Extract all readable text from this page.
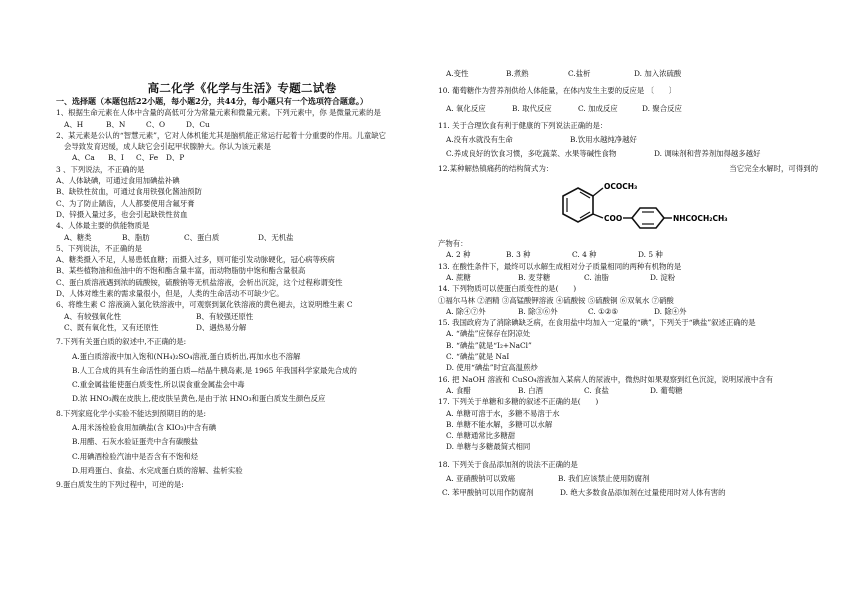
高二化学《化学与生活》专题二试卷
一、选择题（本题包括22小题，每小题2分，共44分，每小题只有一个选项符合题意。）
1、根据生命元素在人体中含量的高低可分为常量元素和微量元素。下列元素中，你 是微量元素的是
A、H	B、N	C、O	D、Cu
2、某元素是公认的“智慧元素”，它对人体机能尤其是脑机能正常运行起着十分重要的作用。儿童缺它
会导致发育迟缓，成人缺它会引起甲状腺肿大。你认为该元素是
A、Ca	B、I	C、Fe	D、P
3 、下列说法，不正确的是
A、人体缺碘，可通过食用加碘盐补碘
B、缺铁性贫血，可通过食用铁强化酱油预防
C、为了防止龋齿，人人都要使用含氟牙膏
D、锌摄入量过多，也会引起缺铁性贫血
4、人体最主要的供能物质是
A、糖类	B、脂肪	C、蛋白质	D、无机盐
5、下列说法，不正确的是
A、糖类摄入不足，人易患低血糖；而摄入过多，则可能引发动脉硬化，冠心病等疾病
B、某些植物油和鱼油中的不饱和酯含量丰富，而动物脂肪中饱和酯含量很高
C、蛋白质溶液遇到浓的硫酸铵，硫酸钠等无机盐溶液，会析出沉淀，这个过程称谓变性
D、人体对维生素的需求量很小，但是，人类的生命活动不可缺少它。
6、将维生素 C 溶液滴入氯化铁溶液中，可观察到氯化铁溶液的黄色褪去，这说明维生素 C
A、有较强氧化性	B、有较强还原性
C、既有氧化性，又有还原性	D、遇热易分解
7.下列有关蛋白质的叙述中,不正确的是:
A.蛋白质溶液中加入饱和(NH₄)₂SO₄溶液,蛋白质析出,再加水也不溶解
B.人工合成的具有生命活性的蛋白质—结晶牛胰岛素,是 1965 年我国科学家最先合成的
C.重金属盐能使蛋白质变性,所以误食重金属盐会中毒
D.浓 HNO₃溅在皮肤上,使皮肤呈黄色,是由于浓 HNO₃和蛋白质发生颜色反应
8.下列家庭化学小实验不能达到预期目的的是:
A.用米汤检验食用加碘盐(含 KIO₃)中含有碘
B.用醋、石灰水验证蛋壳中含有碳酸盐
C.用碘酒检验汽油中是否含有不饱和烃
D.用鸡蛋白、食盐、水完成蛋白质的溶解、盐析实验
9.蛋白质发生的下列过程中，可逆的是:
A.变性	B.煮熟	C.盐析	D. 加入浓硫酸
10. 葡萄糖作为营养剂供给人体能量，在体内发生主要的反应是 〔　　〕
A. 氧化反应	B. 取代反应	C. 加成反应	D. 聚合反应
11. 关于合理饮食有利于健康的下列说法正确的是：
A.没有水就没有生命	B.饮用水越纯净越好
C.养成良好的饮食习惯，多吃蔬菜、水果等碱性食物	D. 调味剂和营养剂加得越多越好
12.某种解热镇痛药的结构简式为：	当它完全水解时，可得到的
OCOCH₃
COO	NHCOCH₂CH₃
产物有：
A. 2 种	B. 3 种	C. 4 种	D. 5 种
13. 在酸性条件下，最终可以水解生成相对分子质量相同的两种有机物的是
A. 蔗糖	B. 麦芽糖	C. 油脂	D. 淀粉
14. 下列物质可以使蛋白质变性的是(　　)
①福尔马林 ②酒精 ③高锰酸钾溶液 ④硫酸铵 ⑤硫酸铜 ⑥双氧水 ⑦硝酸
A. 除④⑦外	B. 除③⑥外	C. ①②⑤	D. 除④外
15. 我国政府为了消除碘缺乏病，在食用盐中均加入一定量的“碘”，下列关于“碘盐”叙述正确的是
A. “碘盐”应保存在阴凉处
B. “碘盐”就是“I₂+NaCl”
C. “碘盐”就是 NaI
D. 使用“碘盐”时宜高温煎炒
16. 把 NaOH 溶液和 CuSO₄溶液加入某病人的尿液中，微热时如果观察到红色沉淀，说明尿液中含有
A. 食醋	B. 白酒	C. 食盐	D. 葡萄糖
17. 下列关于单糖和多糖的叙述不正确的是(　　)
A. 单糖可溶于水，多糖不易溶于水
B. 单糖不能水解，多糖可以水解
C. 单糖通常比多糖甜
D. 单糖与多糖最简式相同
18. 下列关于食品添加剂的说法不正确的是
A. 亚硝酸钠可以致癌	B. 我们应该禁止使用防腐剂
C. 苯甲酸钠可以用作防腐剂	D. 绝大多数食品添加剂在过量使用时对人体有害的
